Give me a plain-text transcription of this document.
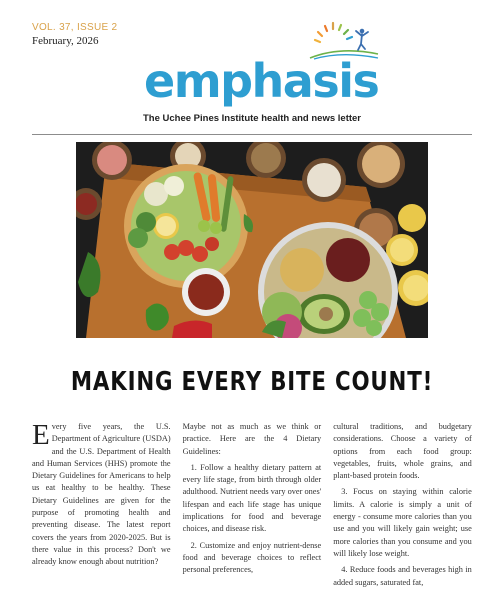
VOL. 37, ISSUE 2
February, 2026
emphasis
The Uchee Pines Institute health and news letter
MAKING EVERY BITE COUNT!

Every five years, the U.S. Department of Agriculture (USDA) and the U.S. Department of Health and Human Services (HHS) promote the Dietary Guidelines for Americans to help us eat healthy to be healthy. These Dietary Guidelines are given for the purpose of promoting health and preventing disease. The latest report covers the years from 2020-2025. But is there value in this process? Don't we already know enough about nutrition?

Maybe not as much as we think or practice. Here are the 4 Dietary Guidelines:

1. Follow a healthy dietary pattern at every life stage, from birth through older adulthood. Nutrient needs vary over ones' lifespan and each life stage has unique implications for food and beverage choices, and disease risk.

2. Customize and enjoy nutrient-dense food and beverage choices to reflect personal preferences,

cultural traditions, and budgetary considerations. Choose a variety of options from each food group: vegetables, fruits, whole grains, and plant-based protein foods.

3. Focus on staying within calorie limits. A calorie is simply a unit of energy - consume more calories than you use and you will likely gain weight; use more calories than you consume and you will likely lose weight.

4. Reduce foods and beverages high in added sugars, saturated fat,
